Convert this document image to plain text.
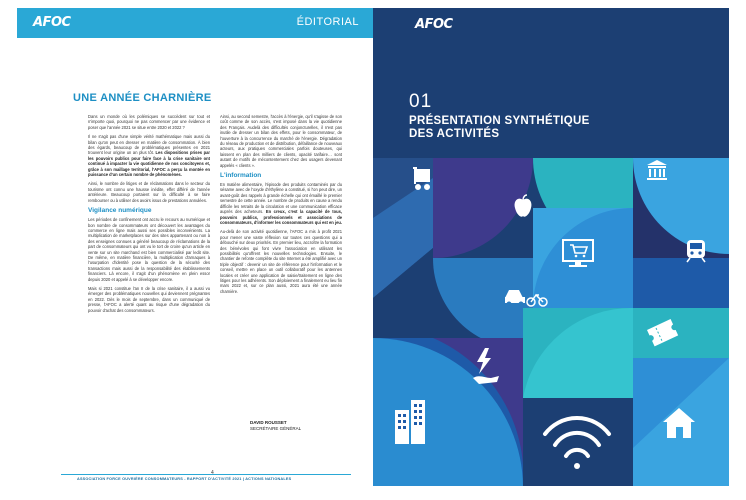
AFOC	ÉDITORIAL
UNE ANNÉE CHARNIÈRE

Dans un monde où les polémiques se succèdent sur tout et n'importe quoi, pourquoi ne pas commencer par une évidence et poser que l'année 2021 se situe entre 2020 et 2022 ?

Il ne s'agit pas d'une simple vérité mathématique mais aussi du bilan qu'on peut en dresser en matière de consommation. À bien des égards, beaucoup de problématiques présentes en 2021 trouvent leur origine un an plus tôt. Les dispositions prises par les pouvoirs publics pour faire face à la crise sanitaire ont continué à impacter la vie quotidienne de nos concitoyens et, grâce à son maillage territorial, l'AFOC a perçu la montée en puissance d'un certain nombre de phénomènes.

Ainsi, le nombre de litiges et de réclamations dans le secteur du tourisme ont connu une hausse inédite, effet différé de l'année antérieure. Beaucoup portaient sur la difficulté à se faire rembourser ou à utiliser des avoirs issus de prestations annulées.

Vigilance numérique

Les périodes de confinement ont accru le recours au numérique et bon nombre de consommateurs ont découvert les avantages du commerce en ligne mais aussi ses possibles inconvénients. La multiplication de marketplaces sur des sites appartenant ou non à des enseignes connues a généré beaucoup de réclamations de la part de consommateurs qui ont vu le tort de croire qu'un article en vente sur un site marchand est bien commercialisé par ledit site. De même, en matière financière, la multiplication d'arnaques à l'usurpation d'identité pose la question de la sécurité des transactions mais aussi de la responsabilité des établissements financiers. Là encore, il s'agit d'un phénomène en plein essor depuis 2020 et appelé à se développer encore.

Mais si 2021 constitue l'an II de la crise sanitaire, il a aussi vu émerger des problématiques nouvelles qui deviennent prégnantes en 2022. Dès le mois de septembre, dans un communiqué de presse, l'AFOC a alerté quant au risque d'une dégradation du pouvoir d'achat des consommateurs.

Ainsi, au second semestre, l'accès à l'énergie, qu'il s'agisse de son coût comme de son accès, s'est imposé dans la vie quotidienne des Français. Audelà des difficultés conjoncturelles, il n'est pas inutile de dresser un bilan des effets, pour le consommateur, de l'ouverture à la concurrence du marché de l'énergie. Dégradation du réseau de production et de distribution, défaillance de nouveaux acteurs, aux pratiques commerciales parfois douteuses, qui laissent en plan des milliers de clients, opacité tarifaire… sont autant de motifs de mécontentement chez des usagers devenant appelés « clients ».

L'information

En matière alimentaire, l'épisode des produits contaminés par du sésame avec de l'oxyde d'éthylène a constitué, si l'on peut dire, un avant-goût des rappels à grande échelle qui ont émaillé le premier semestre de cette année. Le nombre de produits en cause a rendu difficile les retraits de la circulation et une communication efficace auprès des acheteurs. En creux, c'est la capacité de tous, pouvoirs publics, professionnels et associations de consommateurs, d'informer les consommateurs qui est en jeu.

Au-delà de son activité quotidienne, l'AFOC a mis à profit 2021 pour mener une vaste réflexion sur toutes ces questions qui a débouché sur deux priorités. En premier lieu, accroître la formation des bénévoles qui font vivre l'association en utilisant les possibilités qu'offrent les nouvelles technologies. Ensuite, le chantier de refonte complète du site Internet a été amplifié avec un triple objectif : devenir un site de référence pour l'information et le conseil, mettre en place un outil collaboratif pour les antennes locales et créer une application de saisie/traitement en ligne des litiges pour les adhérents. Son déploiement a finalement eu lieu fin mars 2022 et, sur ce plan aussi, 2021 aura été une année charnière.

DAVID ROUSSET
SECRÉTAIRE GÉNÉRAL
4
ASSOCIATION FORCE OUVRIÈRE CONSOMMATEURS - RAPPORT D'ACTIVITÉ 2021 | ACTIONS NATIONALES
AFOC
01
PRÉSENTATION SYNTHÉTIQUE
DES ACTIVITÉS
